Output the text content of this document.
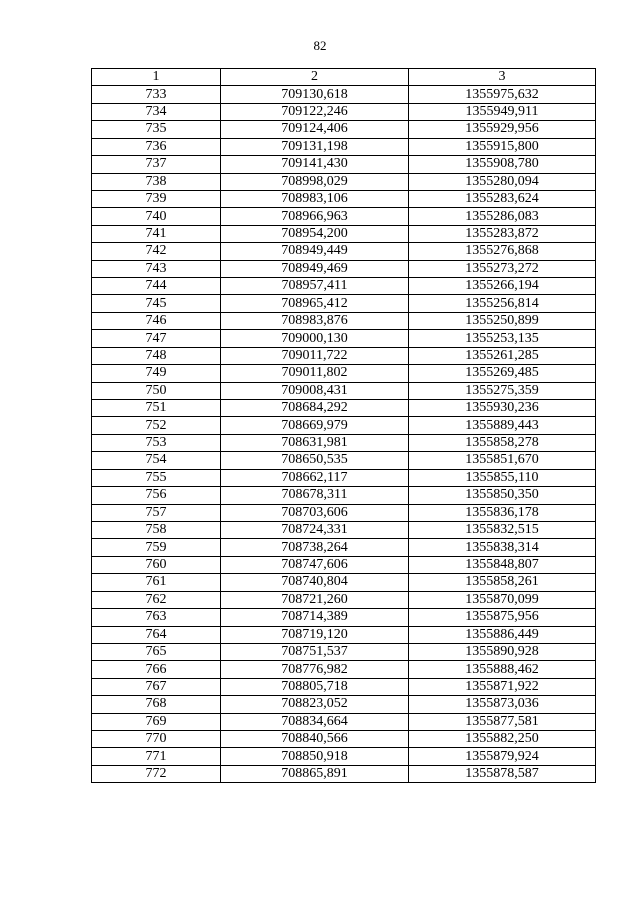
82
1	2	3
733	709130,618	1355975,632
734	709122,246	1355949,911
735	709124,406	1355929,956
736	709131,198	1355915,800
737	709141,430	1355908,780
738	708998,029	1355280,094
739	708983,106	1355283,624
740	708966,963	1355286,083
741	708954,200	1355283,872
742	708949,449	1355276,868
743	708949,469	1355273,272
744	708957,411	1355266,194
745	708965,412	1355256,814
746	708983,876	1355250,899
747	709000,130	1355253,135
748	709011,722	1355261,285
749	709011,802	1355269,485
750	709008,431	1355275,359
751	708684,292	1355930,236
752	708669,979	1355889,443
753	708631,981	1355858,278
754	708650,535	1355851,670
755	708662,117	1355855,110
756	708678,311	1355850,350
757	708703,606	1355836,178
758	708724,331	1355832,515
759	708738,264	1355838,314
760	708747,606	1355848,807
761	708740,804	1355858,261
762	708721,260	1355870,099
763	708714,389	1355875,956
764	708719,120	1355886,449
765	708751,537	1355890,928
766	708776,982	1355888,462
767	708805,718	1355871,922
768	708823,052	1355873,036
769	708834,664	1355877,581
770	708840,566	1355882,250
771	708850,918	1355879,924
772	708865,891	1355878,587
